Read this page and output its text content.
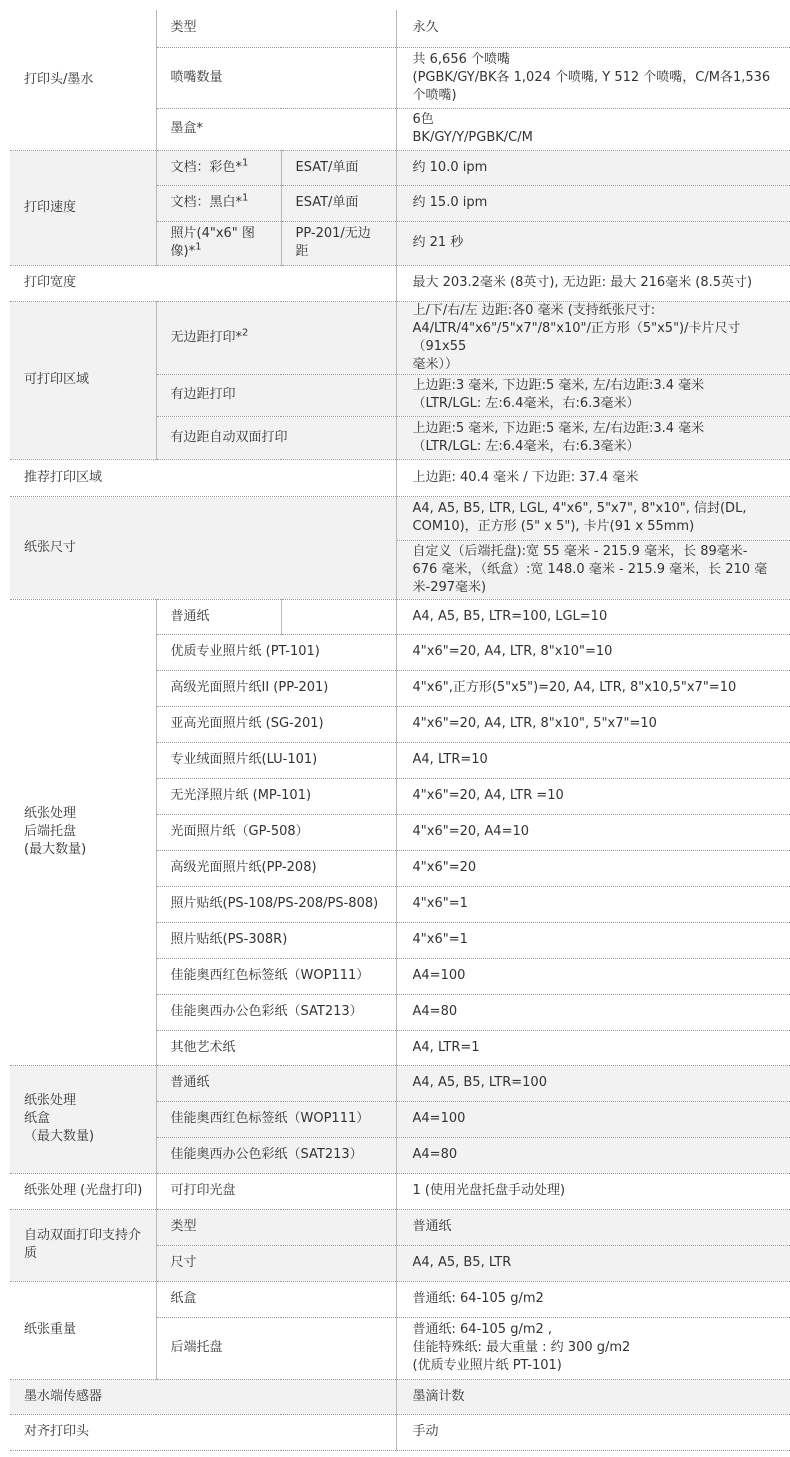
打印头/墨水	类型		永久
	喷嘴数量		共 6,656 个喷嘴
(PGBK/GY/BK各 1,024 个喷嘴, Y 512 个喷嘴，C/M各1,536
个喷嘴)

	墨盒*		6色
BK/GY/Y/PGBK/C/M

打印速度	文档：彩色*$^1$	ESAT/单面	约 10.0 ipm
	文档：黑白*$^1$	ESAT/单面	约 15.0 ipm

	照片(4"x6" 图
像)*$^1$	PP-201/无边
距	约 21 秒
打印宽度			最大 203.2毫米 (8英寸), 无边距: 最大 216毫米 (8.5英寸)
可打印区域	无边距打印*$^2$		上/下/右/左 边距:各0 毫米 (支持纸张尺寸:
A4/LTR/4"x6"/5"x7"/8"x10"/正方形（5"x5")/卡片尺寸（91x55
毫米））

	有边距打印		上边距:3 毫米, 下边距:5 毫米, 左/右边距:3.4 毫米
（LTR/LGL: 左:6.4毫米，右:6.3毫米）

	有边距自动双面打印		上边距:5 毫米, 下边距:5 毫米, 左/右边距:3.4 毫米
（LTR/LGL: 左:6.4毫米，右:6.3毫米）

推荐打印区域			上边距: 40.4 毫米 / 下边距: 37.4 毫米
纸张尺寸			A4, A5, B5, LTR, LGL, 4"x6", 5"x7", 8"x10", 信封(DL,
COM10)，正方形 (5" x 5"), 卡片(91 x 55mm)

			自定义（后端托盘):宽 55 毫米 - 215.9 毫米，长 89毫米-
676 毫米，（纸盒）:宽 148.0 毫米 - 215.9 毫米，长 210 毫
米-297毫米)

纸张处理
后端托盘
(最大数量)	普通纸		A4, A5, B5, LTR=100, LGL=10
	优质专业照片纸 (PT-101)		4"x6"=20, A4, LTR, 8"x10"=10
	高级光面照片纸II (PP-201)		4"x6",正方形(5"x5")=20, A4, LTR, 8"x10,5"x7"=10
	亚高光面照片纸 (SG-201)		4"x6"=20, A4, LTR, 8"x10", 5"x7"=10
	专业绒面照片纸(LU-101)		A4, LTR=10
	无光泽照片纸 (MP-101)		4"x6"=20, A4, LTR =10
	光面照片纸（GP-508）		4"x6"=20, A4=10
	高级光面照片纸(PP-208)		4"x6"=20
	照片贴纸(PS-108/PS-208/PS-808)		4"x6"=1
	照片贴纸(PS-308R)		4"x6"=1
	佳能奥西红色标签纸（WOP111）		A4=100
	佳能奥西办公色彩纸（SAT213）		A4=80
	其他艺术纸		A4, LTR=1

纸张处理
纸盒
（最大数量)	普通纸		A4, A5, B5, LTR=100
	佳能奥西红色标签纸（WOP111）		A4=100
	佳能奥西办公色彩纸（SAT213）		A4=80
纸张处理 (光盘打印)	可打印光盘		1 (使用光盘托盘手动处理)

自动双面打印支持介
质	类型		普通纸
	尺寸		A4, A5, B5, LTR
纸张重量	纸盒		普通纸: 64-105 g/m2
	后端托盘		普通纸: 64-105 g/m2 ,
佳能特殊纸: 最大重量 : 约 300 g/m2
(优质专业照片纸 PT-101)

墨水端传感器			墨滴计数
对齐打印头			手动
